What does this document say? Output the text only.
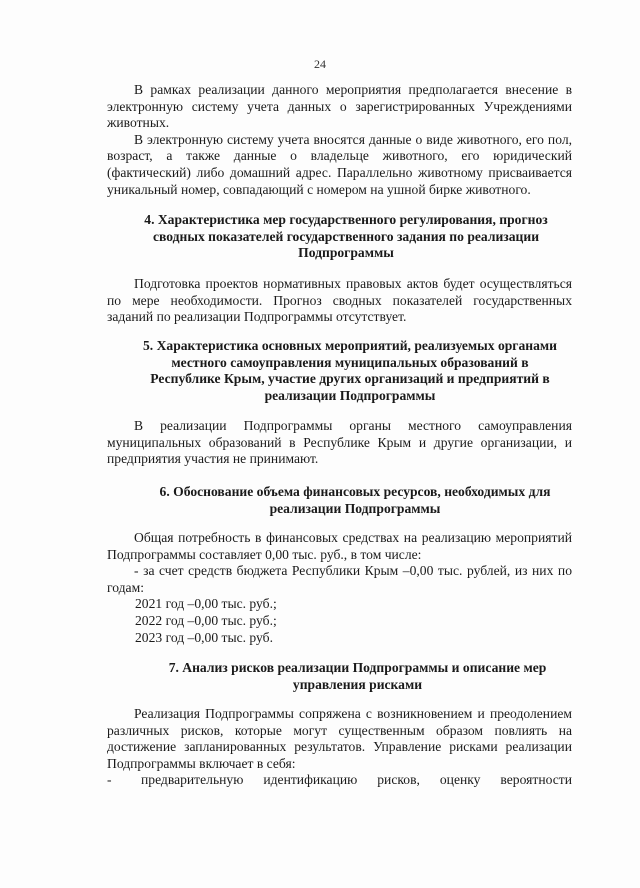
24

В рамках реализации данного мероприятия предполагается внесение в электронную систему учета данных о зарегистрированных Учреждениями животных.

В электронную систему учета вносятся данные о виде животного, его пол, возраст, а также данные о владельце животного, его юридический (фактический) либо домашний адрес. Параллельно животному присваивается уникальный номер, совпадающий с номером на ушной бирке животного.

4. Характеристика мер государственного регулирования, прогноз

сводных показателей государственного задания по реализации

Подпрограммы

Подготовка проектов нормативных правовых актов будет осуществляться по мере необходимости. Прогноз сводных показателей государственных заданий по реализации Подпрограммы отсутствует.

5. Характеристика основных мероприятий, реализуемых органами

местного самоуправления муниципальных образований в

Республике Крым, участие других организаций и предприятий в

реализации Подпрограммы

В реализации Подпрограммы органы местного самоуправления муниципальных образований в Республике Крым и другие организации, и предприятия участия не принимают.

6. Обоснование объема финансовых ресурсов, необходимых для

реализации Подпрограммы

Общая потребность в финансовых средствах на реализацию мероприятий Подпрограммы составляет 0,00 тыс. руб., в том числе:

- за счет средств бюджета Республики Крым –0,00 тыс. рублей, из них по годам:

2021 год –0,00 тыс. руб.;

2022 год –0,00 тыс. руб.;

2023 год –0,00 тыс. руб.

7. Анализ рисков реализации Подпрограммы и описание мер

управления рисками

Реализация Подпрограммы сопряжена с возникновением и преодолением различных рисков, которые могут существенным образом повлиять на достижение запланированных результатов. Управление рисками реализации Подпрограммы включает в себя:

-	предварительную идентификацию рисков, оценку вероятности
